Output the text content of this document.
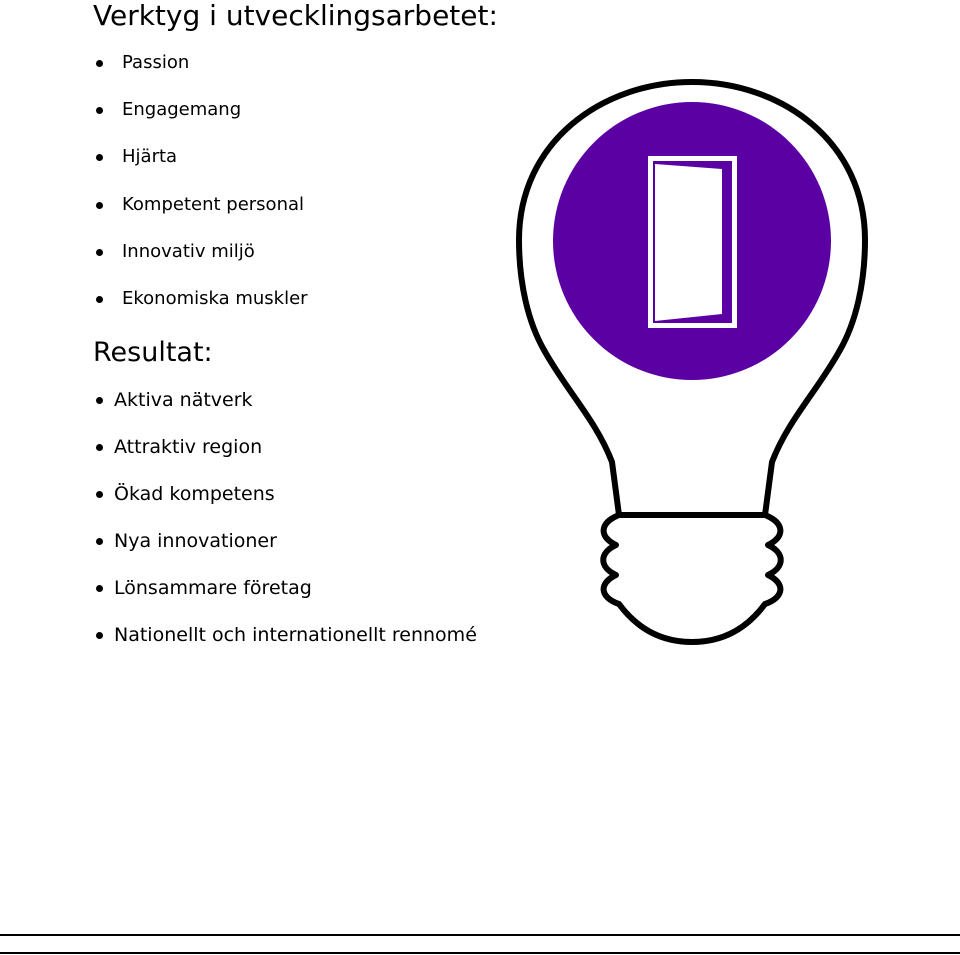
Verktyg i utvecklingsarbetet:
Passion
Engagemang
Hjärta
Kompetent personal
Innovativ miljö
Ekonomiska muskler
Resultat:
Aktiva nätverk
Attraktiv region
Ökad kompetens
Nya innovationer
Lönsammare företag
Nationellt och internationellt rennomé
